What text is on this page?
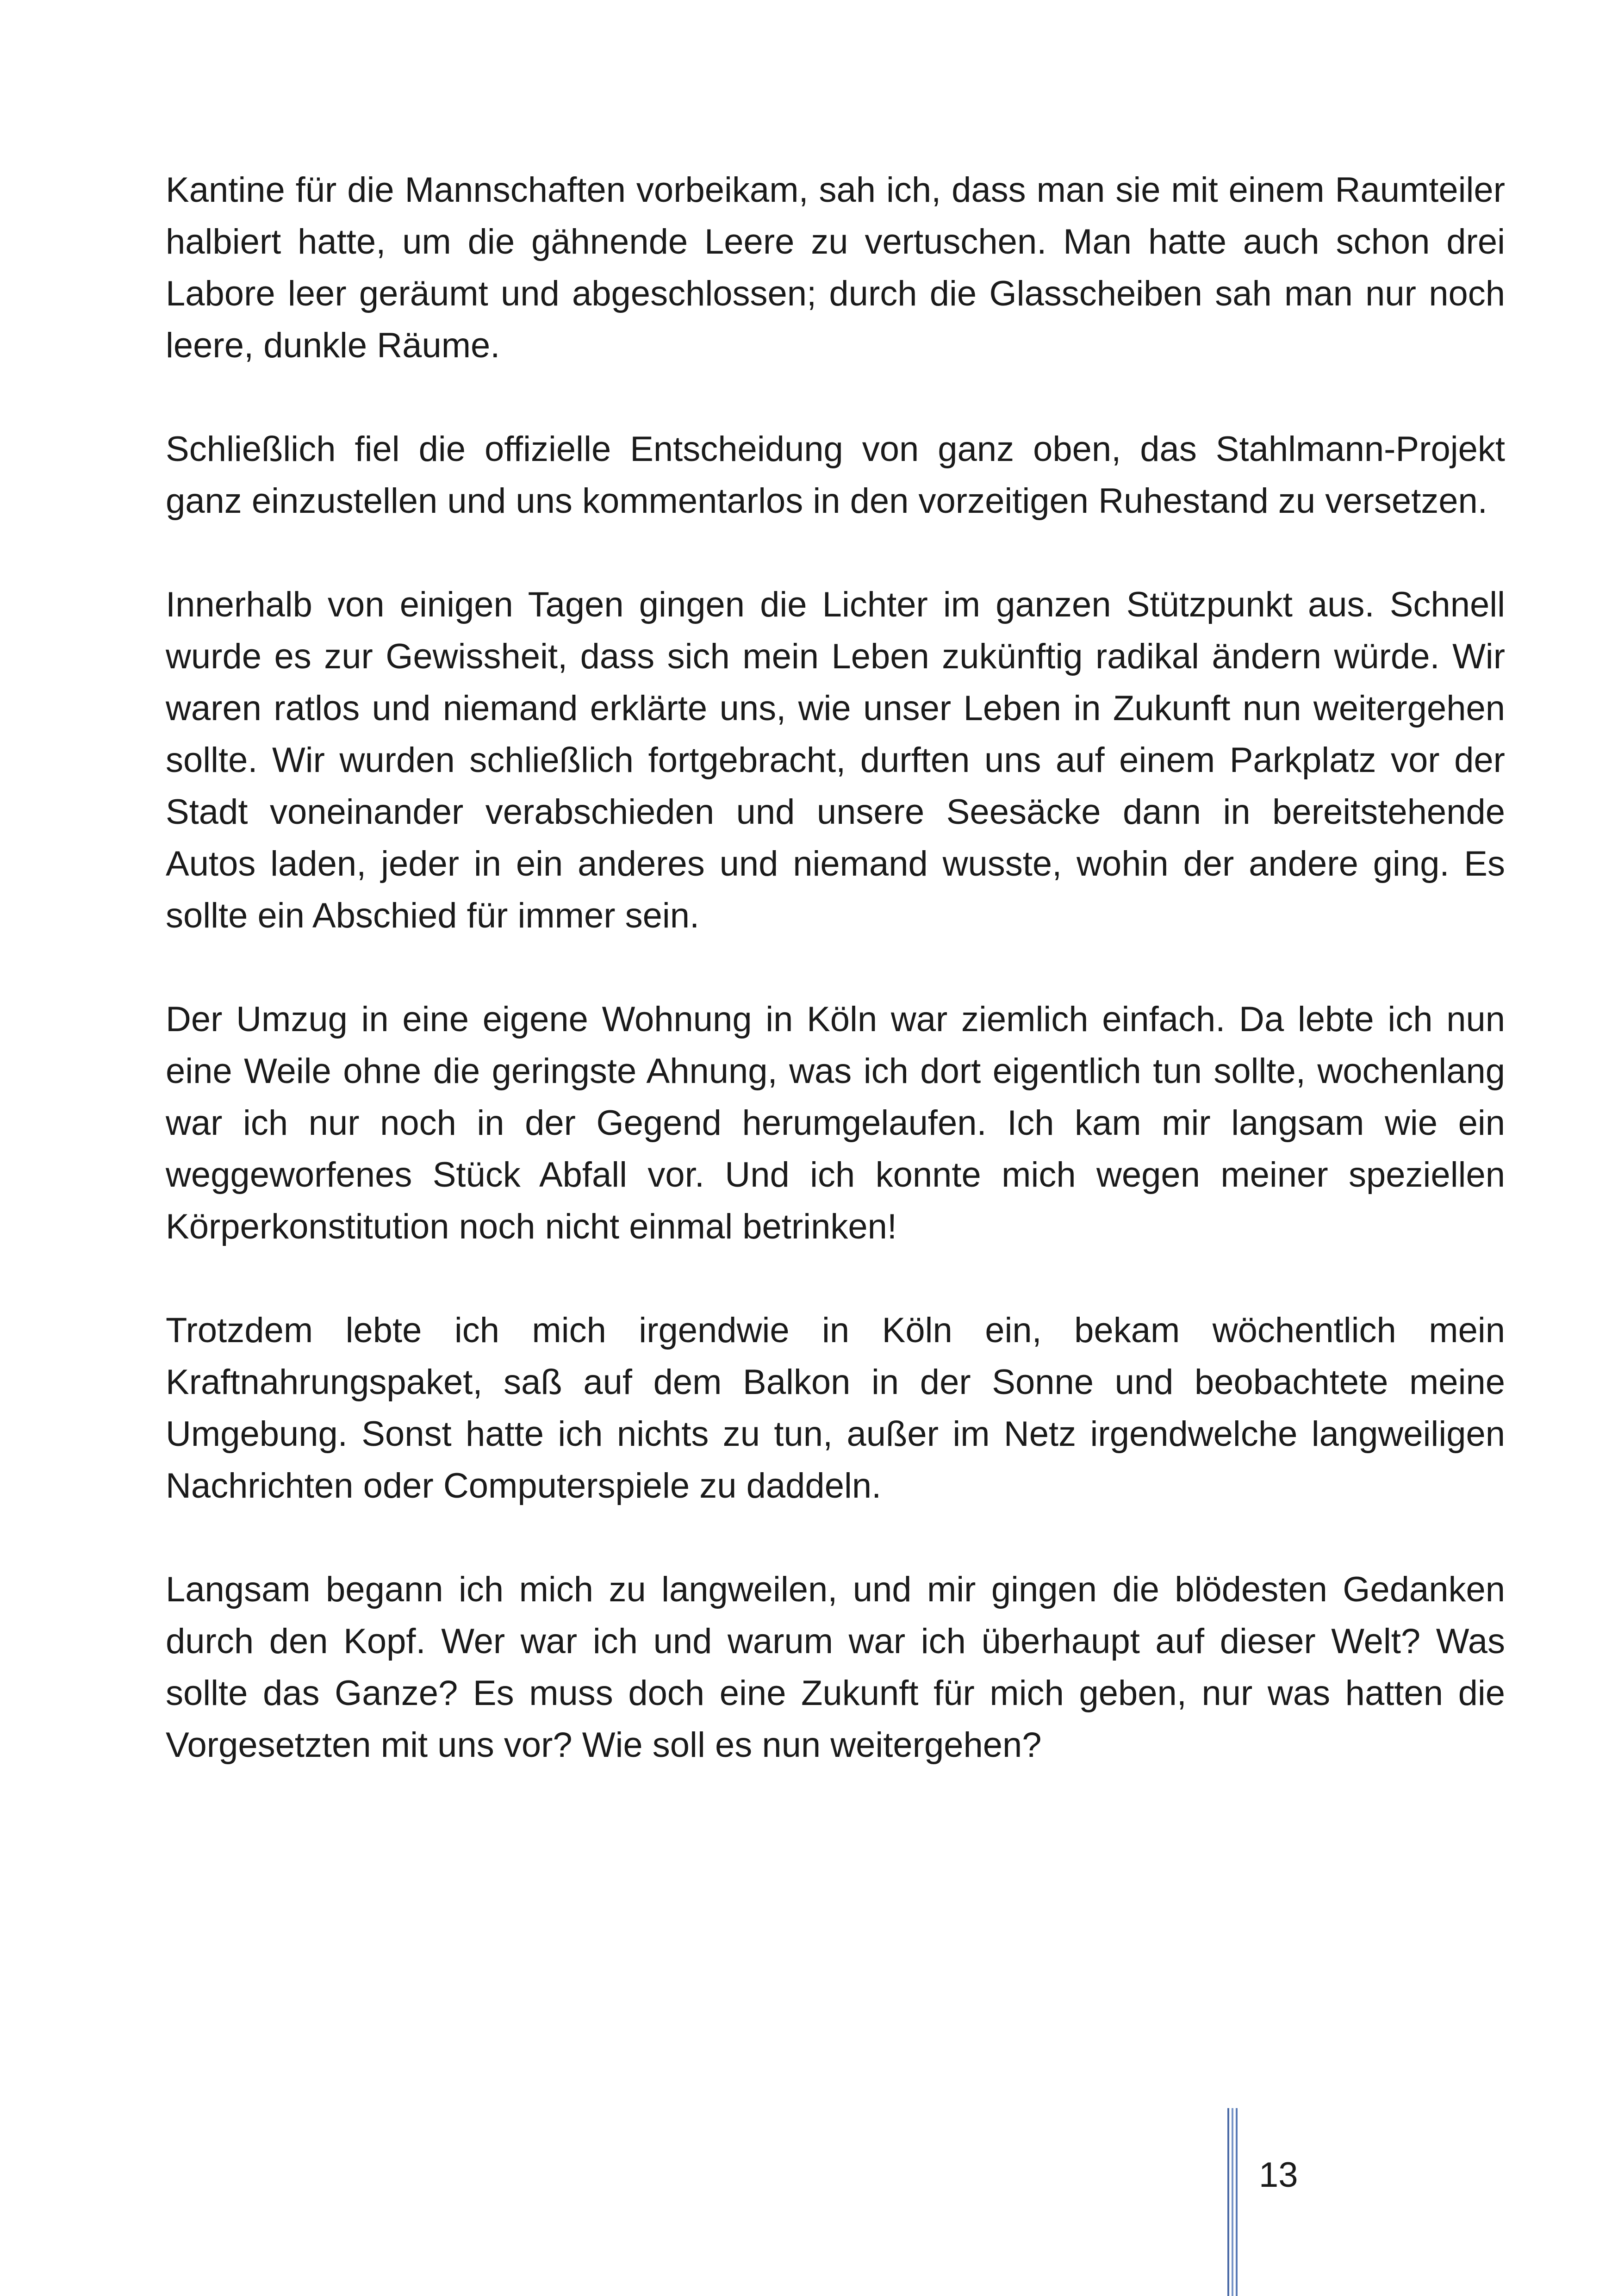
Kantine für die Mannschaften vorbeikam, sah ich, dass man sie mit einem Raumteiler halbiert hatte, um die gähnende Leere zu vertuschen. Man hatte auch schon drei Labore leer geräumt und abgeschlossen; durch die Glasscheiben sah man nur noch leere, dunkle Räume.

Schließlich fiel die offizielle Entscheidung von ganz oben, das Stahlmann-Projekt ganz einzustellen und uns kommentarlos in den vorzeitigen Ruhestand zu versetzen.

Innerhalb von einigen Tagen gingen die Lichter im ganzen Stützpunkt aus. Schnell wurde es zur Gewissheit, dass sich mein Leben zukünftig radikal ändern würde. Wir waren ratlos und niemand erklärte uns, wie unser Leben in Zukunft nun weitergehen sollte. Wir wurden schließlich fortgebracht, durften uns auf einem Parkplatz vor der Stadt voneinander verabschieden und unsere Seesäcke dann in bereitstehende Autos laden, jeder in ein anderes und niemand wusste, wohin der andere ging. Es sollte ein Abschied für immer sein.

Der Umzug in eine eigene Wohnung in Köln war ziemlich einfach. Da lebte ich nun eine Weile ohne die geringste Ahnung, was ich dort eigentlich tun sollte, wochenlang war ich nur noch in der Gegend herumgelaufen. Ich kam mir langsam wie ein weggeworfenes Stück Abfall vor. Und ich konnte mich wegen meiner speziellen Körperkonstitution noch nicht einmal betrinken!

Trotzdem lebte ich mich irgendwie in Köln ein, bekam wöchentlich mein Kraftnahrungspaket, saß auf dem Balkon in der Sonne und beobachtete meine Umgebung. Sonst hatte ich nichts zu tun, außer im Netz irgendwelche langweiligen Nachrichten oder Computerspiele zu daddeln.

Langsam begann ich mich zu langweilen, und mir gingen die blödesten Gedanken durch den Kopf. Wer war ich und warum war ich überhaupt auf dieser Welt? Was sollte das Ganze? Es muss doch eine Zukunft für mich geben, nur was hatten die Vorgesetzten mit uns vor? Wie soll es nun weitergehen?

13
